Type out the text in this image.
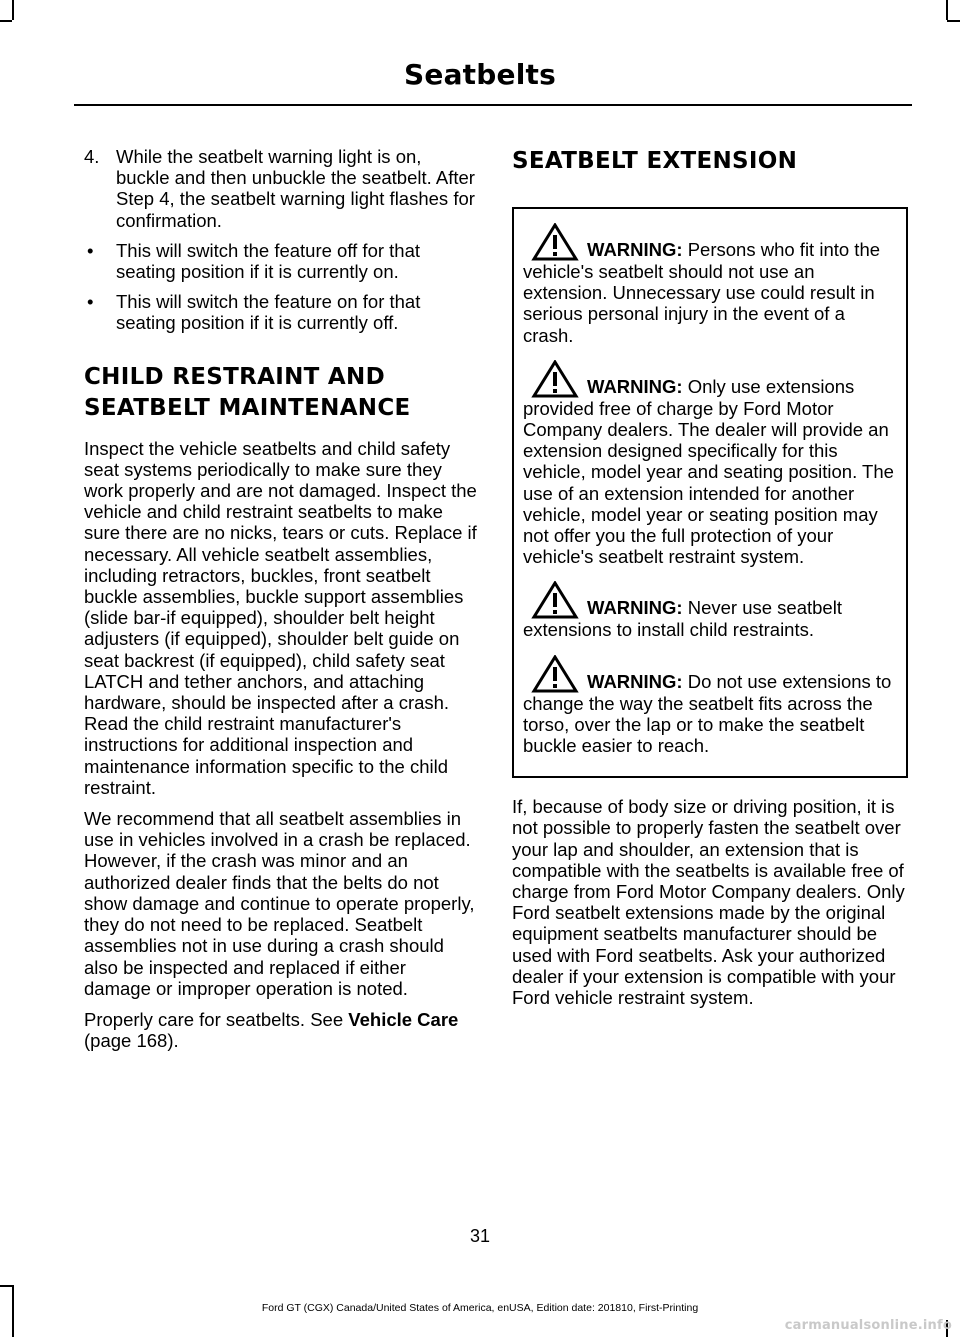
Seatbelts
4. While the seatbelt warning light is on, buckle and then unbuckle the seatbelt. After Step 4, the seatbelt warning light flashes for confirmation.
• This will switch the feature off for that seating position if it is currently on.
• This will switch the feature on for that seating position if it is currently off.
CHILD RESTRAINT AND
SEATBELT MAINTENANCE

Inspect the vehicle seatbelts and child safety seat systems periodically to make sure they work properly and are not damaged. Inspect the vehicle and child restraint seatbelts to make sure there are no nicks, tears or cuts. Replace if necessary. All vehicle seatbelt assemblies, including retractors, buckles, front seatbelt buckle assemblies, buckle support assemblies (slide bar-if equipped), shoulder belt height adjusters (if equipped), shoulder belt guide on seat backrest (if equipped), child safety seat LATCH and tether anchors, and attaching hardware, should be inspected after a crash. Read the child restraint manufacturer's instructions for additional inspection and maintenance information specific to the child restraint.

We recommend that all seatbelt assemblies in use in vehicles involved in a crash be replaced. However, if the crash was minor and an authorized dealer finds that the belts do not show damage and continue to operate properly, they do not need to be replaced. Seatbelt assemblies not in use during a crash should also be inspected and replaced if either damage or improper operation is noted.

Properly care for seatbelts. See Vehicle Care (page 168).

SEATBELT EXTENSION
WARNING: Persons who fit into the vehicle's seatbelt should not use an extension. Unnecessary use could result in serious personal injury in the event of a crash.
WARNING: Only use extensions provided free of charge by Ford Motor Company dealers. The dealer will provide an extension designed specifically for this vehicle, model year and seating position. The use of an extension intended for another vehicle, model year or seating position may not offer you the full protection of your vehicle's seatbelt restraint system.
WARNING: Never use seatbelt extensions to install child restraints.
WARNING: Do not use extensions to change the way the seatbelt fits across the torso, over the lap or to make the seatbelt buckle easier to reach.

If, because of body size or driving position, it is not possible to properly fasten the seatbelt over your lap and shoulder, an extension that is compatible with the seatbelts is available free of charge from Ford Motor Company dealers. Only Ford seatbelt extensions made by the original equipment seatbelts manufacturer should be used with Ford seatbelts. Ask your authorized dealer if your extension is compatible with your Ford vehicle restraint system.

31
Ford GT (CGX) Canada/United States of America, enUSA, Edition date: 201810, First-Printing
carmanualsonline.info
